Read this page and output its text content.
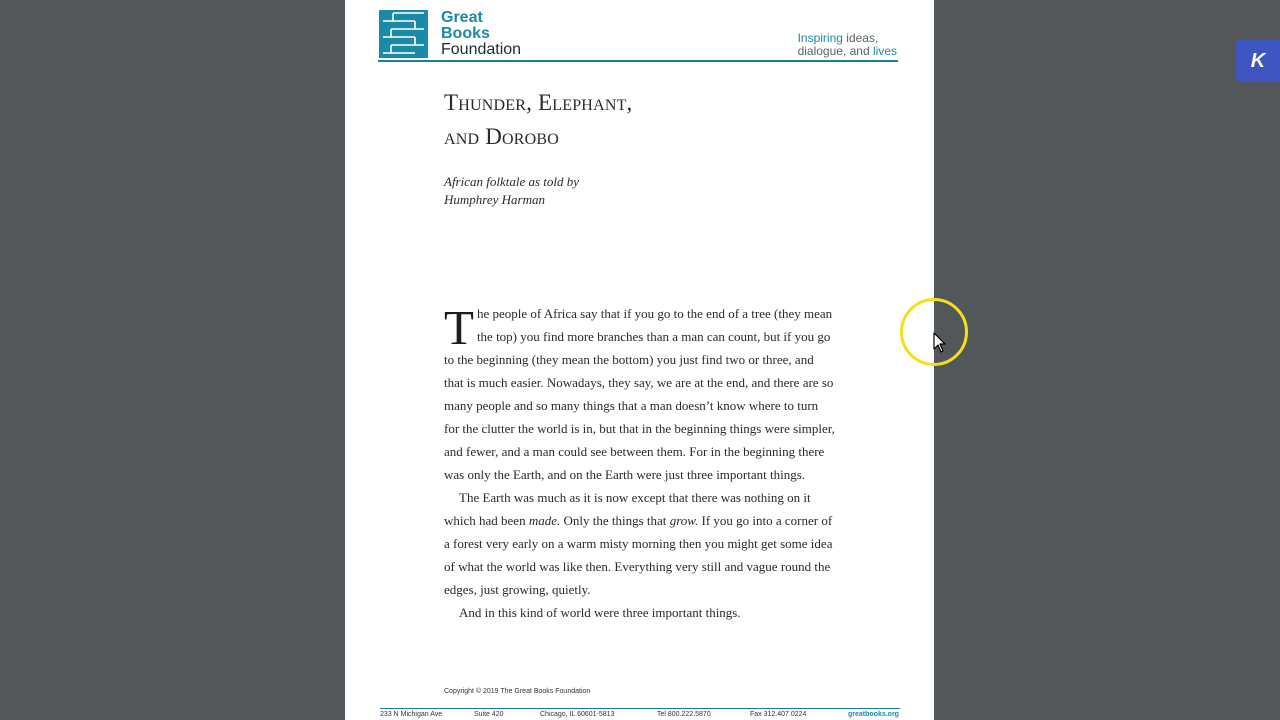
Great
Books
Foundation
Inspiring ideas,
dialogue, and lives
Thunder, Elephant,
and Dorobo
African folktale as told by
Humphrey Harman

The people of Africa say that if you go to the end of a tree (they mean the top) you find more branches than a man can count, but if you go to the beginning (they mean the bottom) you just find two or three, and that is much easier. Nowadays, they say, we are at the end, and there are so many people and so many things that a man doesn’t know where to turn for the clutter the world is in, but that in the beginning things were simpler, and fewer, and a man could see between them. For in the beginning there was only the Earth, and on the Earth were just three important things.

The Earth was much as it is now except that there was nothing on it which had been made. Only the things that grow. If you go into a corner of a forest very early on a warm misty morning then you might get some idea of what the world was like then. Everything very still and vague round the edges, just growing, quietly.

And in this kind of world were three important things.

Copyright © 2019 The Great Books Foundation
233 N Michigan Ave	Suite 420	Chicago, IL 60601-5813	Tel 800.222.5870	Fax 312.407.0224	greatbooks.org
K
